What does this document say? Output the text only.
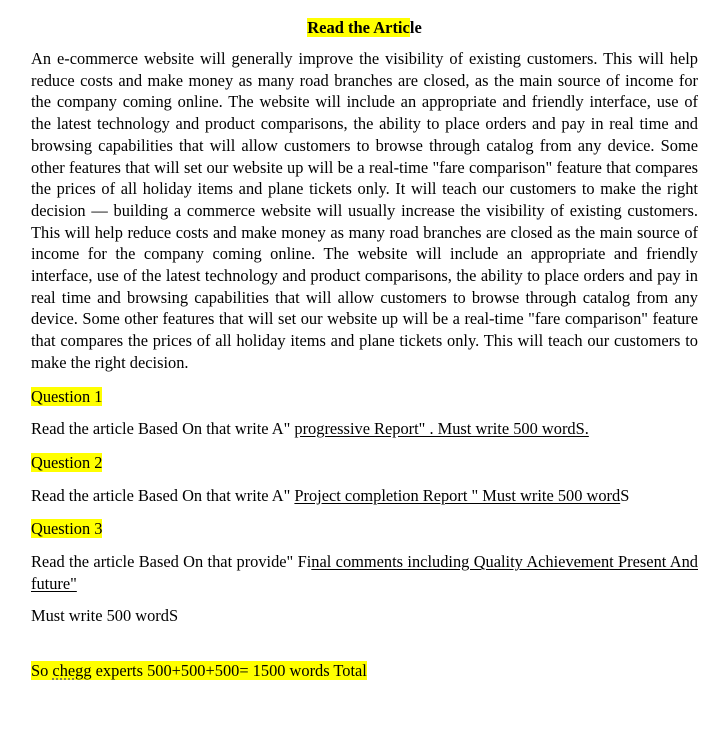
Read the Article

An e-commerce website will generally improve the visibility of existing customers. This will help reduce costs and make money as many road branches are closed, as the main source of income for the company coming online. The website will include an appropriate and friendly interface, use of the latest technology and product comparisons, the ability to place orders and pay in real time and browsing capabilities that will allow customers to browse through catalog from any device. Some other features that will set our website up will be a real-time "fare comparison" feature that compares the prices of all holiday items and plane tickets only. It will teach our customers to make the right decision — building a commerce website will usually increase the visibility of existing customers. This will help reduce costs and make money as many road branches are closed as the main source of income for the company coming online. The website will include an appropriate and friendly interface, use of the latest technology and product comparisons, the ability to place orders and pay in real time and browsing capabilities that will allow customers to browse through catalog from any device. Some other features that will set our website up will be a real-time "fare comparison" feature that compares the prices of all holiday items and plane tickets only. This will teach our customers to make the right decision.

Question 1
Read the article Based On that write A" progressive Report" . Must write 500 wordS.
Question 2
Read the article Based On that write A" Project completion Report " Must write 500 wordS
Question 3
Read the article Based On that provide" Final comments including Quality Achievement Present And future"
Must write 500 wordS
So chegg experts 500+500+500= 1500 words Total
